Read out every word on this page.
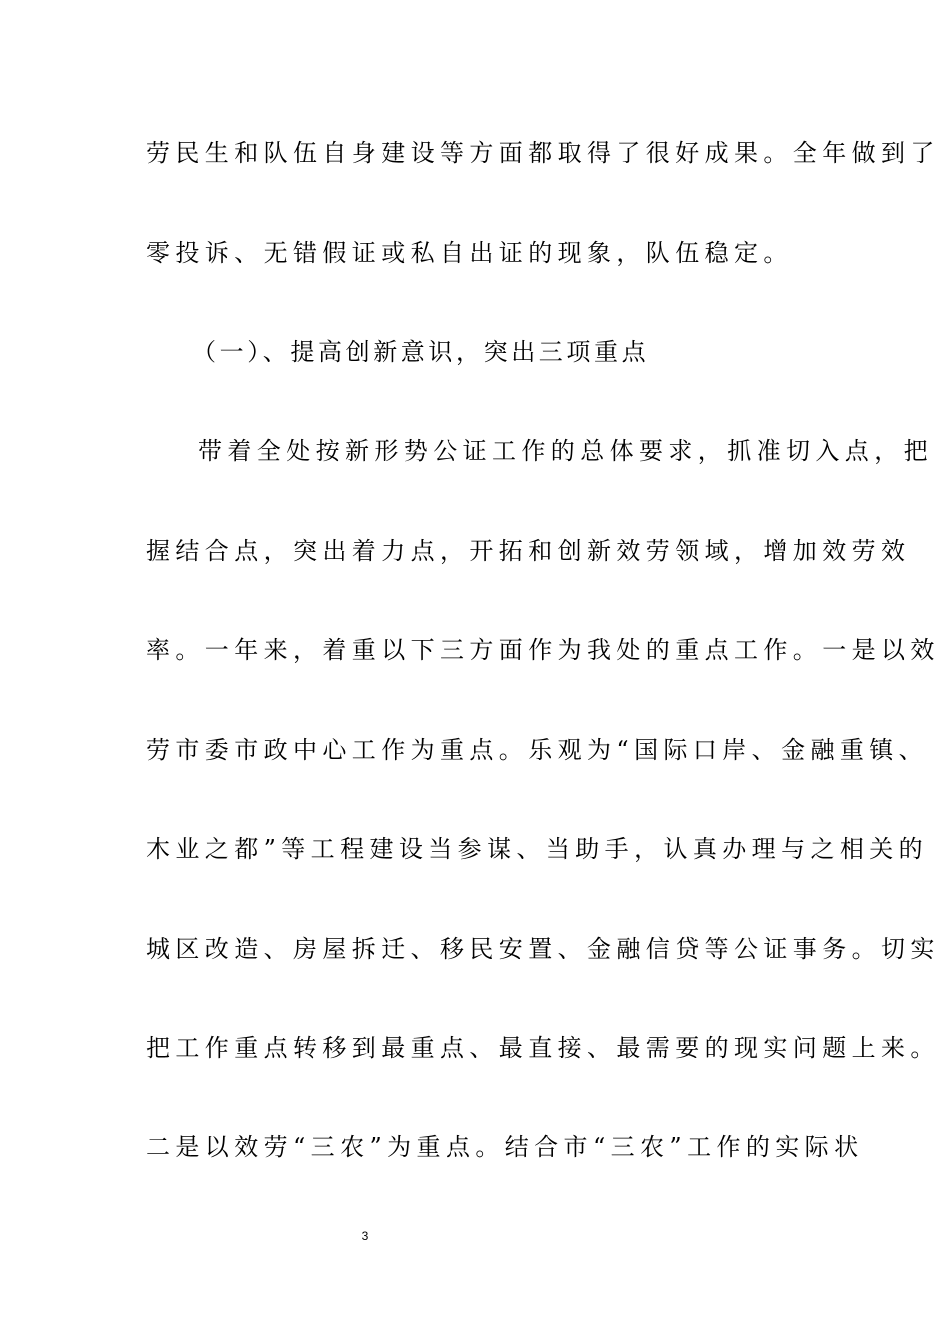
劳民生和队伍自身建设等方面都取得了很好成果。全年做到了
零投诉、无错假证或私自出证的现象，队伍稳定。
（一）、提高创新意识，突出三项重点
带着全处按新形势公证工作的总体要求，抓准切入点，把
握结合点，突出着力点，开拓和创新效劳领域，增加效劳效
率。一年来，着重以下三方面作为我处的重点工作。一是以效
劳市委市政中心工作为重点。乐观为“国际口岸、金融重镇、
木业之都”等工程建设当参谋、当助手，认真办理与之相关的
城区改造、房屋拆迁、移民安置、金融信贷等公证事务。切实
把工作重点转移到最重点、最直接、最需要的现实问题上来。
二是以效劳“三农”为重点。结合市“三农”工作的实际状
3
